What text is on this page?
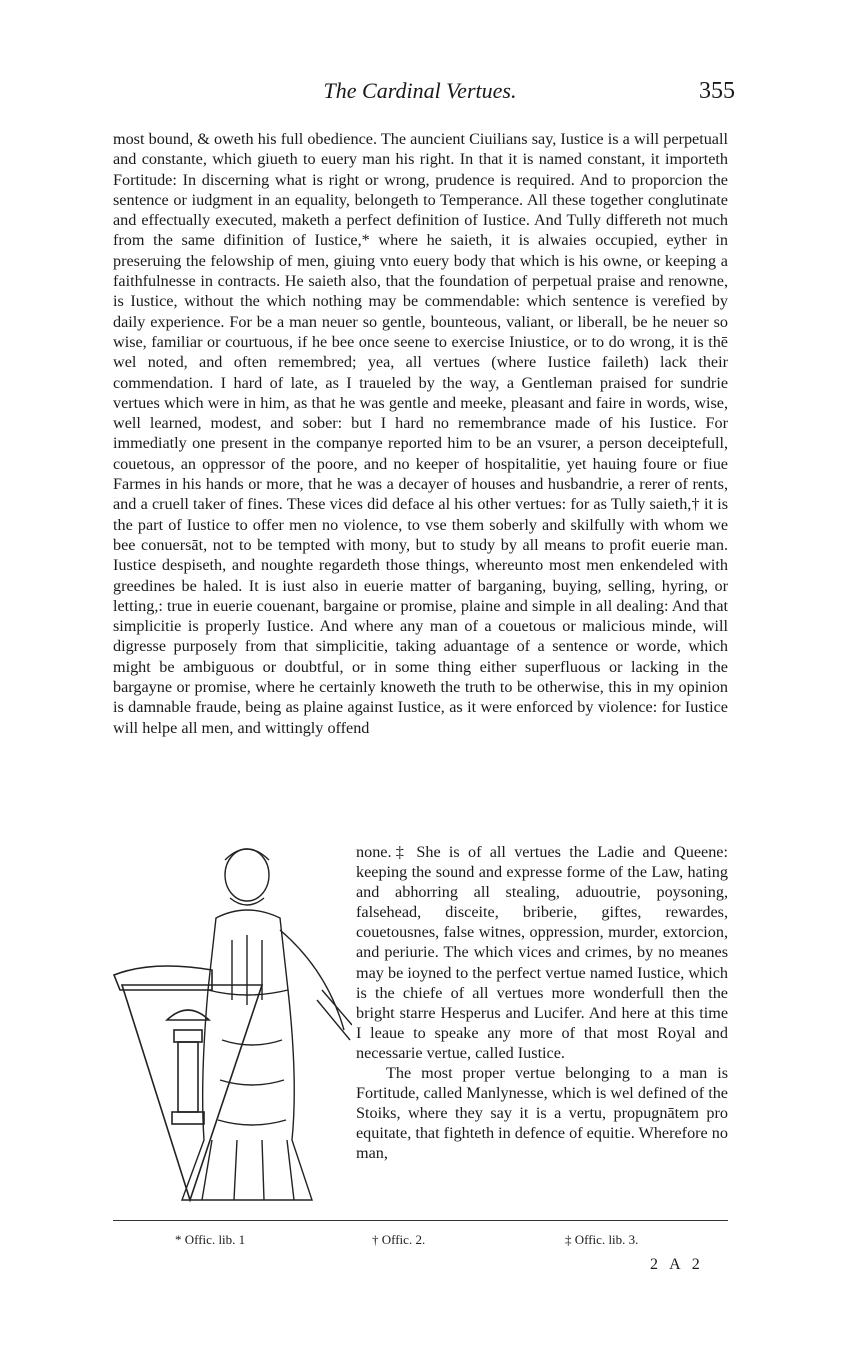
The Cardinal Vertues.	355

most bound, & oweth his full obedience. The auncient Ciuilians say, Iustice is a will perpetuall and constante, which giueth to euery man his right. In that it is named constant, it importeth Fortitude: In discerning what is right or wrong, prudence is required. And to proporcion the sentence or iudgment in an equality, belongeth to Temperance. All these together conglutinate and effectually executed, maketh a perfect definition of Iustice. And Tully differeth not much from the same difinition of Iustice,* where he saieth, it is alwaies occupied, eyther in preseruing the felowship of men, giuing vnto euery body that which is his owne, or keeping a faithfulnesse in contracts. He saieth also, that the foundation of perpetual praise and renowne, is Iustice, without the which nothing may be commendable: which sentence is verefied by daily experience. For be a man neuer so gentle, bounteous, valiant, or liberall, be he neuer so wise, familiar or courtuous, if he bee once seene to exercise Iniustice, or to do wrong, it is thē wel noted, and often remembred; yea, all vertues (where Iustice faileth) lack their commendation. I hard of late, as I traueled by the way, a Gentleman praised for sundrie vertues which were in him, as that he was gentle and meeke, pleasant and faire in words, wise, well learned, modest, and sober: but I hard no remembrance made of his Iustice. For immediatly one present in the companye reported him to be an vsurer, a person deceiptefull, couetous, an oppressor of the poore, and no keeper of hospitalitie, yet hauing foure or fiue Farmes in his hands or more, that he was a decayer of houses and husbandrie, a rerer of rents, and a cruell taker of fines. These vices did deface al his other vertues: for as Tully saieth,† it is the part of Iustice to offer men no violence, to vse them soberly and skilfully with whom we bee conuersāt, not to be tempted with mony, but to study by all means to profit euerie man. Iustice despiseth, and noughte regardeth those things, whereunto most men enkendeled with greedines be haled. It is iust also in euerie matter of barganing, buying, selling, hyring, or letting,: true in euerie couenant, bargaine or promise, plaine and simple in all dealing: And that simplicitie is properly Iustice. And where any man of a couetous or malicious minde, will digresse purposely from that simplicitie, taking aduantage of a sentence or worde, which might be ambiguous or doubtful, or in some thing either superfluous or lacking in the bargayne or promise, where he certainly knoweth the truth to be otherwise, this in my opinion is damnable fraude, being as plaine against Iustice, as it were enforced by violence: for Iustice will helpe all men, and wittingly offend

none.‡ She is of all vertues the Ladie and Queene: keeping the sound and expresse forme of the Law, hating and abhorring all stealing, aduoutrie, poysoning, falsehead, disceite, briberie, giftes, rewardes, couetousnes, false witnes, oppression, murder, extorcion, and periurie. The which vices and crimes, by no meanes may be ioyned to the perfect vertue named Iustice, which is the chiefe of all vertues more wonderfull then the bright starre Hesperus and Lucifer. And here at this time I leaue to speake any more of that most Royal and necessarie vertue, called Iustice.
The most proper vertue belonging to a man is Fortitude, called Manlynesse, which is wel defined of the Stoiks, where they say it is a vertu, propugnātem pro equitate, that fighteth in defence of equitie. Wherefore no man,

* Offic. lib. 1	† Offic. 2.	‡ Offic. lib. 3.
2 A 2
